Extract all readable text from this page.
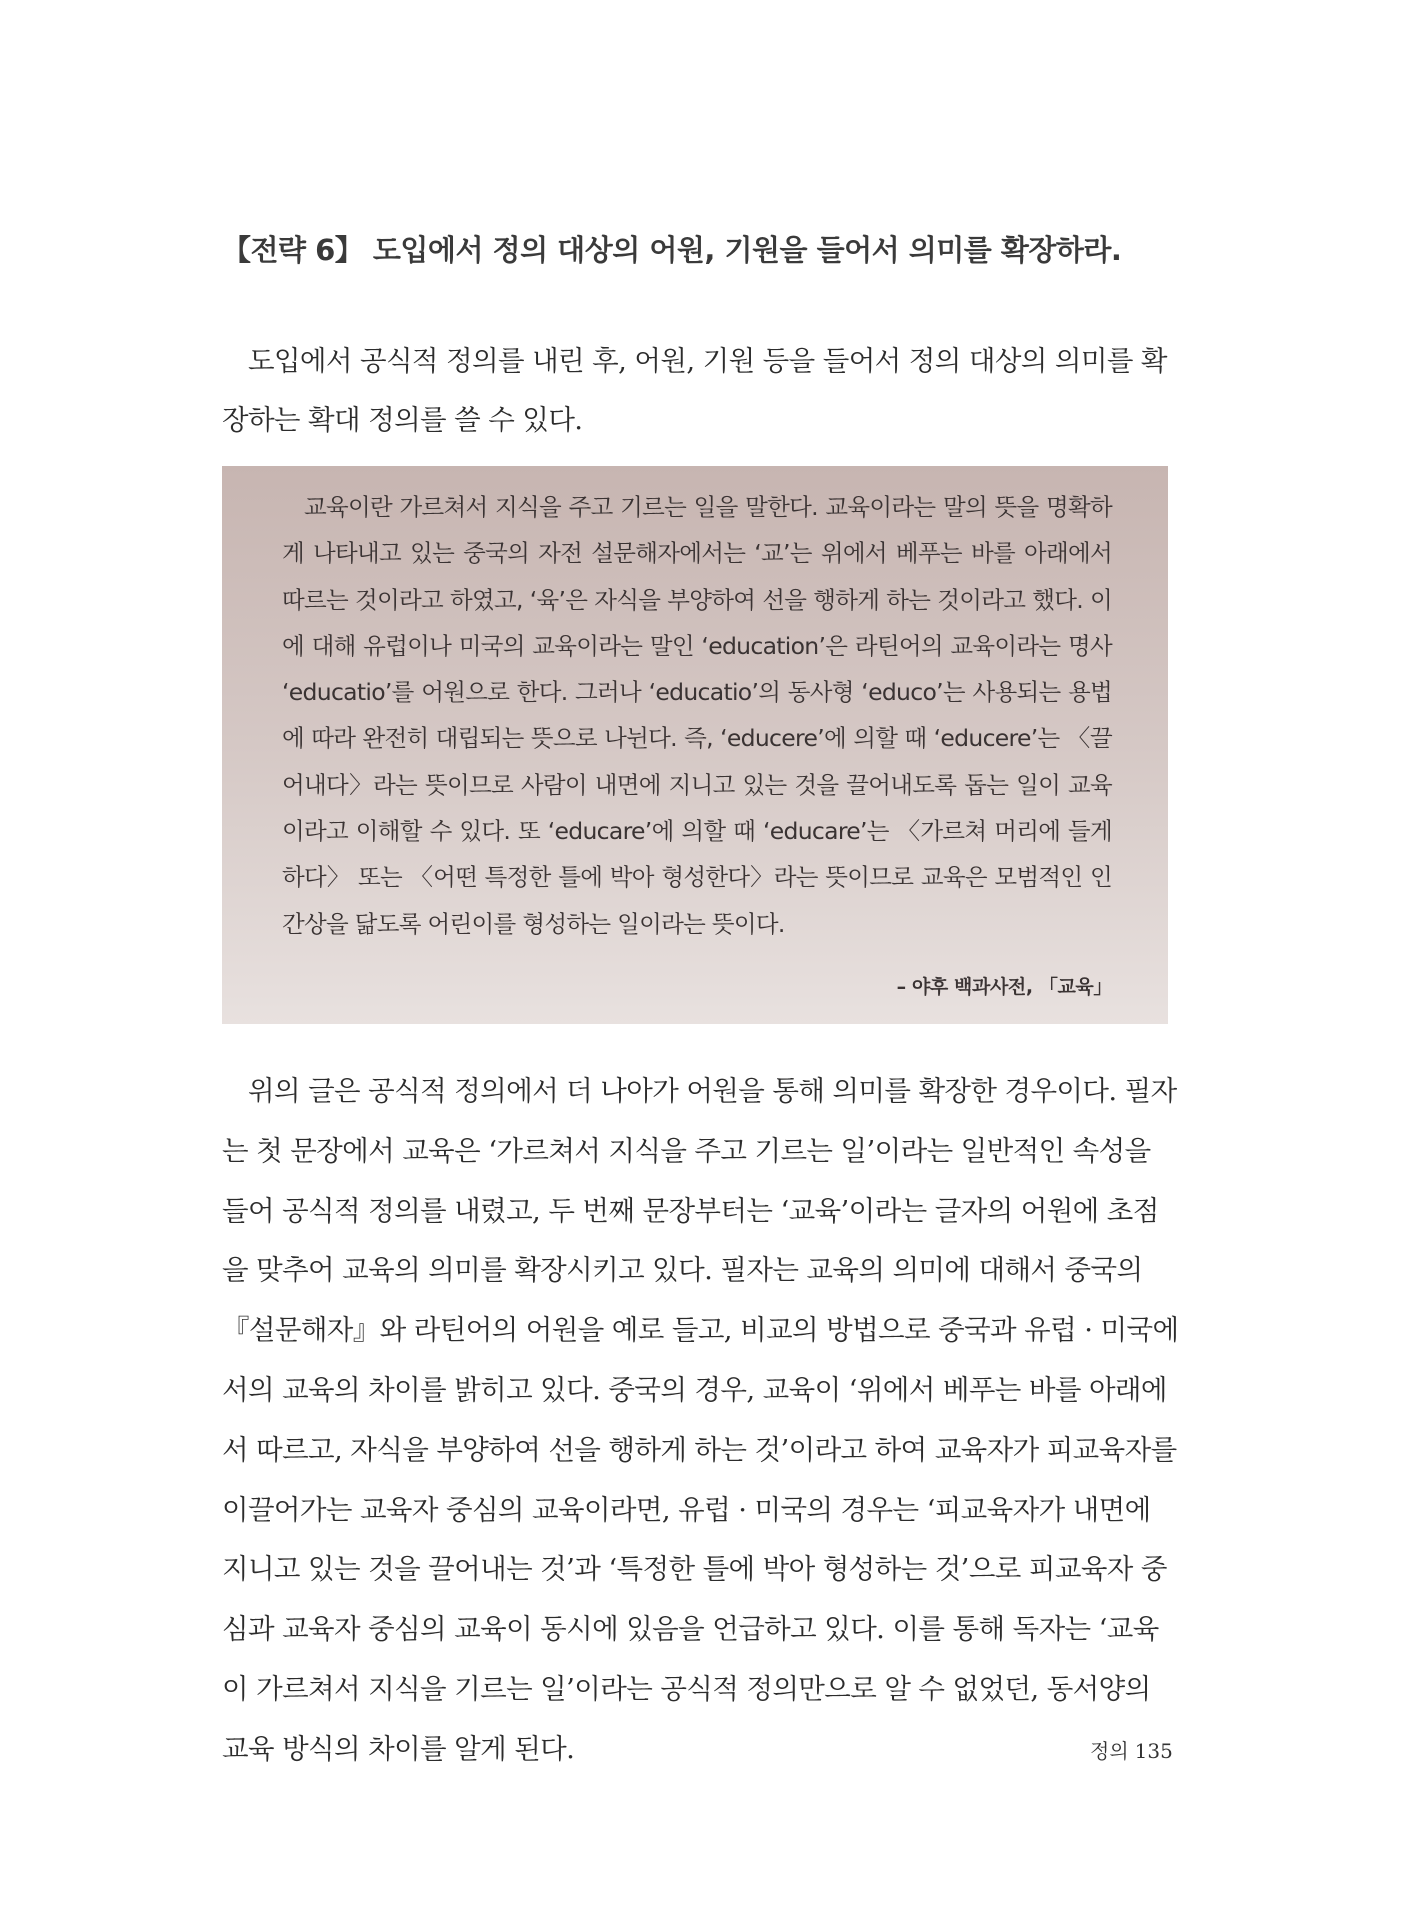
【전략 6】 도입에서 정의 대상의 어원, 기원을 들어서 의미를 확장하라.
도입에서 공식적 정의를 내린 후, 어원, 기원 등을 들어서 정의 대상의 의미를 확장하는 확대 정의를 쓸 수 있다.
교육이란 가르쳐서 지식을 주고 기르는 일을 말한다. 교육이라는 말의 뜻을 명확하게 나타내고 있는 중국의 자전 설문해자에서는 ‘교’는 위에서 베푸는 바를 아래에서 따르는 것이라고 하였고, ‘육’은 자식을 부양하여 선을 행하게 하는 것이라고 했다. 이에 대해 유럽이나 미국의 교육이라는 말인 ‘education’은 라틴어의 교육이라는 명사 ‘educatio’를 어원으로 한다. 그러나 ‘educatio’의 동사형 ‘educo’는 사용되는 용법에 따라 완전히 대립되는 뜻으로 나뉜다. 즉, ‘educere’에 의할 때 ‘educere’는 〈끌어내다〉라는 뜻이므로 사람이 내면에 지니고 있는 것을 끌어내도록 돕는 일이 교육이라고 이해할 수 있다. 또 ‘educare’에 의할 때 ‘educare’는 〈가르쳐 머리에 들게 하다〉 또는 〈어떤 특정한 틀에 박아 형성한다〉라는 뜻이므로 교육은 모범적인 인간상을 닮도록 어린이를 형성하는 일이라는 뜻이다.
– 야후 백과사전, 「교육」
위의 글은 공식적 정의에서 더 나아가 어원을 통해 의미를 확장한 경우이다. 필자는 첫 문장에서 교육은 ‘가르쳐서 지식을 주고 기르는 일’이라는 일반적인 속성을 들어 공식적 정의를 내렸고, 두 번째 문장부터는 ‘교육’이라는 글자의 어원에 초점을 맞추어 교육의 의미를 확장시키고 있다. 필자는 교육의 의미에 대해서 중국의 『설문해자』와 라틴어의 어원을 예로 들고, 비교의 방법으로 중국과 유럽 · 미국에서의 교육의 차이를 밝히고 있다. 중국의 경우, 교육이 ‘위에서 베푸는 바를 아래에서 따르고, 자식을 부양하여 선을 행하게 하는 것’이라고 하여 교육자가 피교육자를 이끌어가는 교육자 중심의 교육이라면, 유럽 · 미국의 경우는 ‘피교육자가 내면에 지니고 있는 것을 끌어내는 것’과 ‘특정한 틀에 박아 형성하는 것’으로 피교육자 중심과 교육자 중심의 교육이 동시에 있음을 언급하고 있다. 이를 통해 독자는 ‘교육이 가르쳐서 지식을 기르는 일’이라는 공식적 정의만으로 알 수 없었던, 동서양의 교육 방식의 차이를 알게 된다.	정의 135
